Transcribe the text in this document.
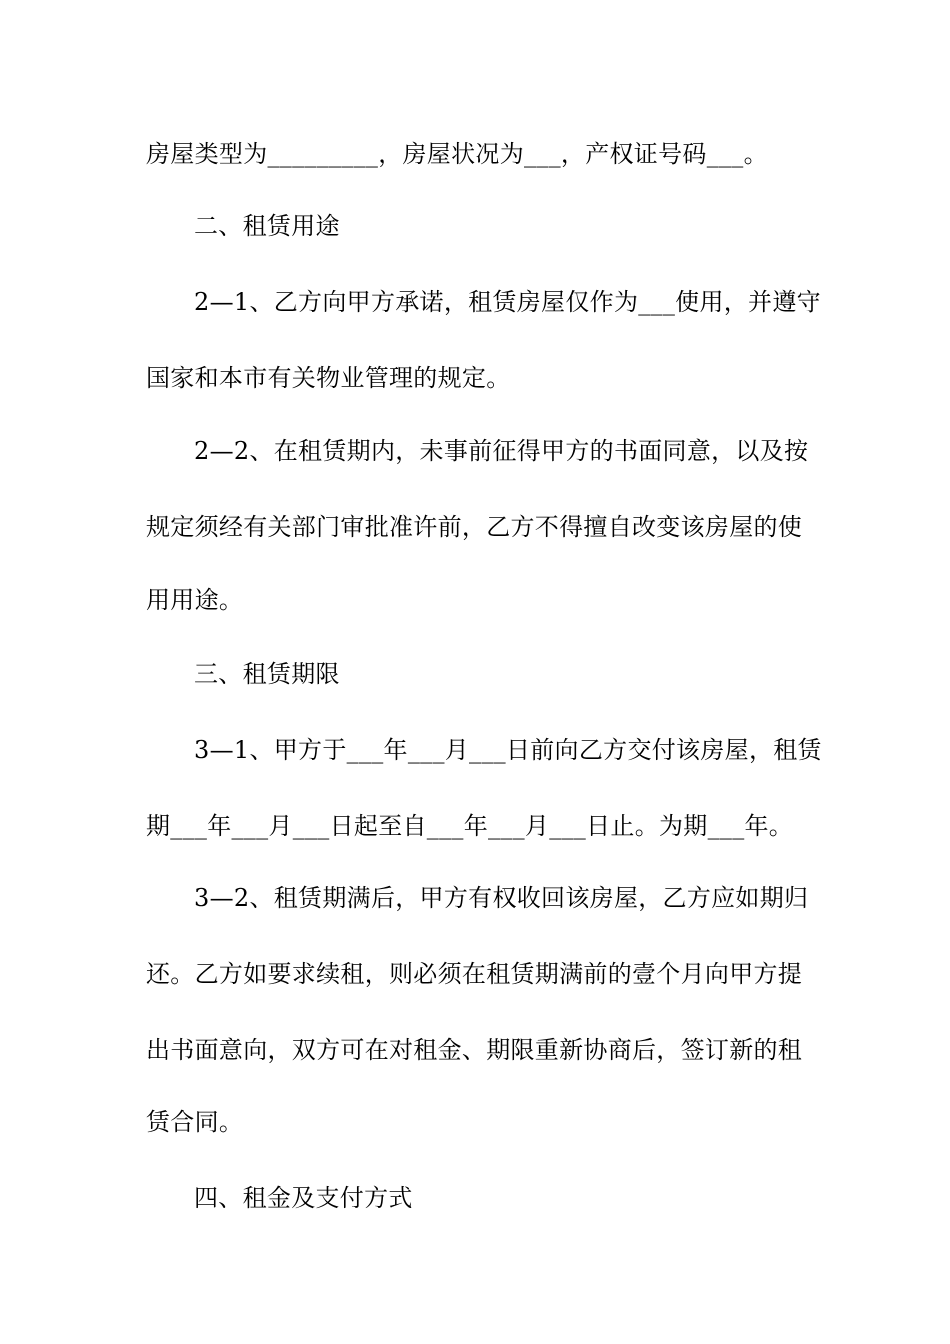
房屋类型为_________，房屋状况为___，产权证号码___。
二、租赁用途
2—1、乙方向甲方承诺，租赁房屋仅作为___使用，并遵守
国家和本市有关物业管理的规定。
2—2、在租赁期内，未事前征得甲方的书面同意，以及按
规定须经有关部门审批准许前，乙方不得擅自改变该房屋的使
用用途。
三、租赁期限
3—1、甲方于___年___月___日前向乙方交付该房屋，租赁
期___年___月___日起至自___年___月___日止。为期___年。
3—2、租赁期满后，甲方有权收回该房屋，乙方应如期归
还。乙方如要求续租，则必须在租赁期满前的壹个月向甲方提
出书面意向，双方可在对租金、期限重新协商后，签订新的租
赁合同。
四、租金及支付方式
